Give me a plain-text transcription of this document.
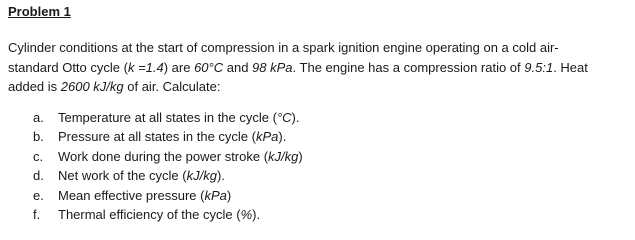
Problem 1
Cylinder conditions at the start of compression in a spark ignition engine operating on a cold air-
standard Otto cycle (k =1.4) are 60°C and 98 kPa. The engine has a compression ratio of 9.5:1. Heat
added is 2600 kJ/kg of air. Calculate:
a. Temperature at all states in the cycle (°C).
b. Pressure at all states in the cycle (kPa).
c. Work done during the power stroke (kJ/kg)
d. Net work of the cycle (kJ/kg).
e. Mean effective pressure (kPa)
f. Thermal efficiency of the cycle (%).
